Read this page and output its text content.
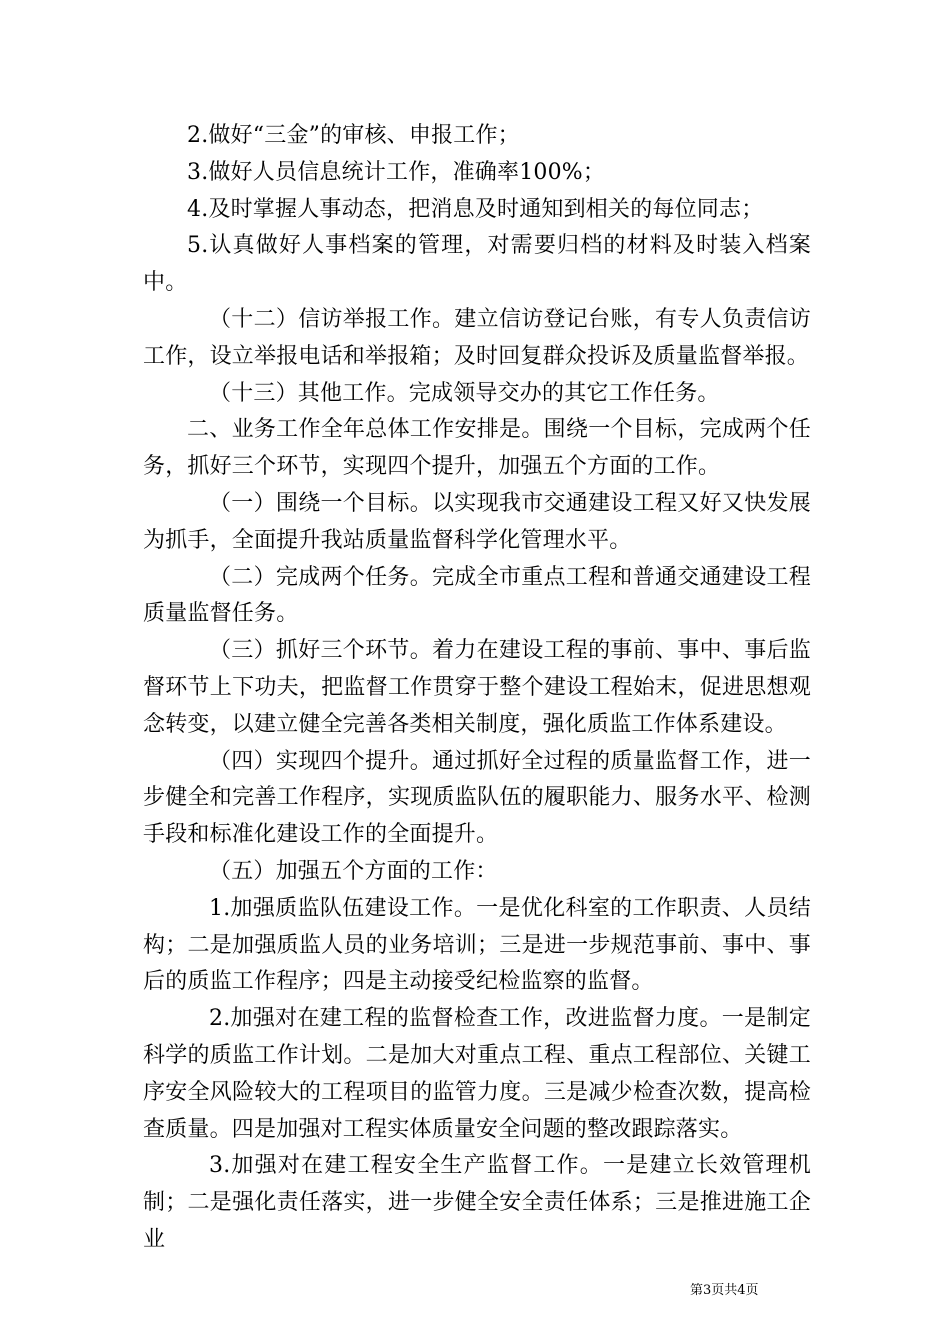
2.做好“三金”的审核、申报工作；

3.做好人员信息统计工作，准确率100%；

4.及时掌握人事动态，把消息及时通知到相关的每位同志；

5.认真做好人事档案的管理，对需要归档的材料及时装入档案中。

（十二）信访举报工作。建立信访登记台账，有专人负责信访工作，设立举报电话和举报箱；及时回复群众投诉及质量监督举报。

（十三）其他工作。完成领导交办的其它工作任务。

二、业务工作全年总体工作安排是。围绕一个目标，完成两个任务，抓好三个环节，实现四个提升，加强五个方面的工作。

（一）围绕一个目标。以实现我市交通建设工程又好又快发展为抓手，全面提升我站质量监督科学化管理水平。

（二）完成两个任务。完成全市重点工程和普通交通建设工程质量监督任务。

（三）抓好三个环节。着力在建设工程的事前、事中、事后监督环节上下功夫，把监督工作贯穿于整个建设工程始末，促进思想观念转变，以建立健全完善各类相关制度，强化质监工作体系建设。

（四）实现四个提升。通过抓好全过程的质量监督工作，进一步健全和完善工作程序，实现质监队伍的履职能力、服务水平、检测手段和标准化建设工作的全面提升。

（五）加强五个方面的工作：

1.加强质监队伍建设工作。一是优化科室的工作职责、人员结构；二是加强质监人员的业务培训；三是进一步规范事前、事中、事后的质监工作程序；四是主动接受纪检监察的监督。

2.加强对在建工程的监督检查工作，改进监督力度。一是制定科学的质监工作计划。二是加大对重点工程、重点工程部位、关键工序安全风险较大的工程项目的监管力度。三是减少检查次数，提高检查质量。四是加强对工程实体质量安全问题的整改跟踪落实。

3.加强对在建工程安全生产监督工作。一是建立长效管理机制；二是强化责任落实，进一步健全安全责任体系；三是推进施工企业

第3页共4页
